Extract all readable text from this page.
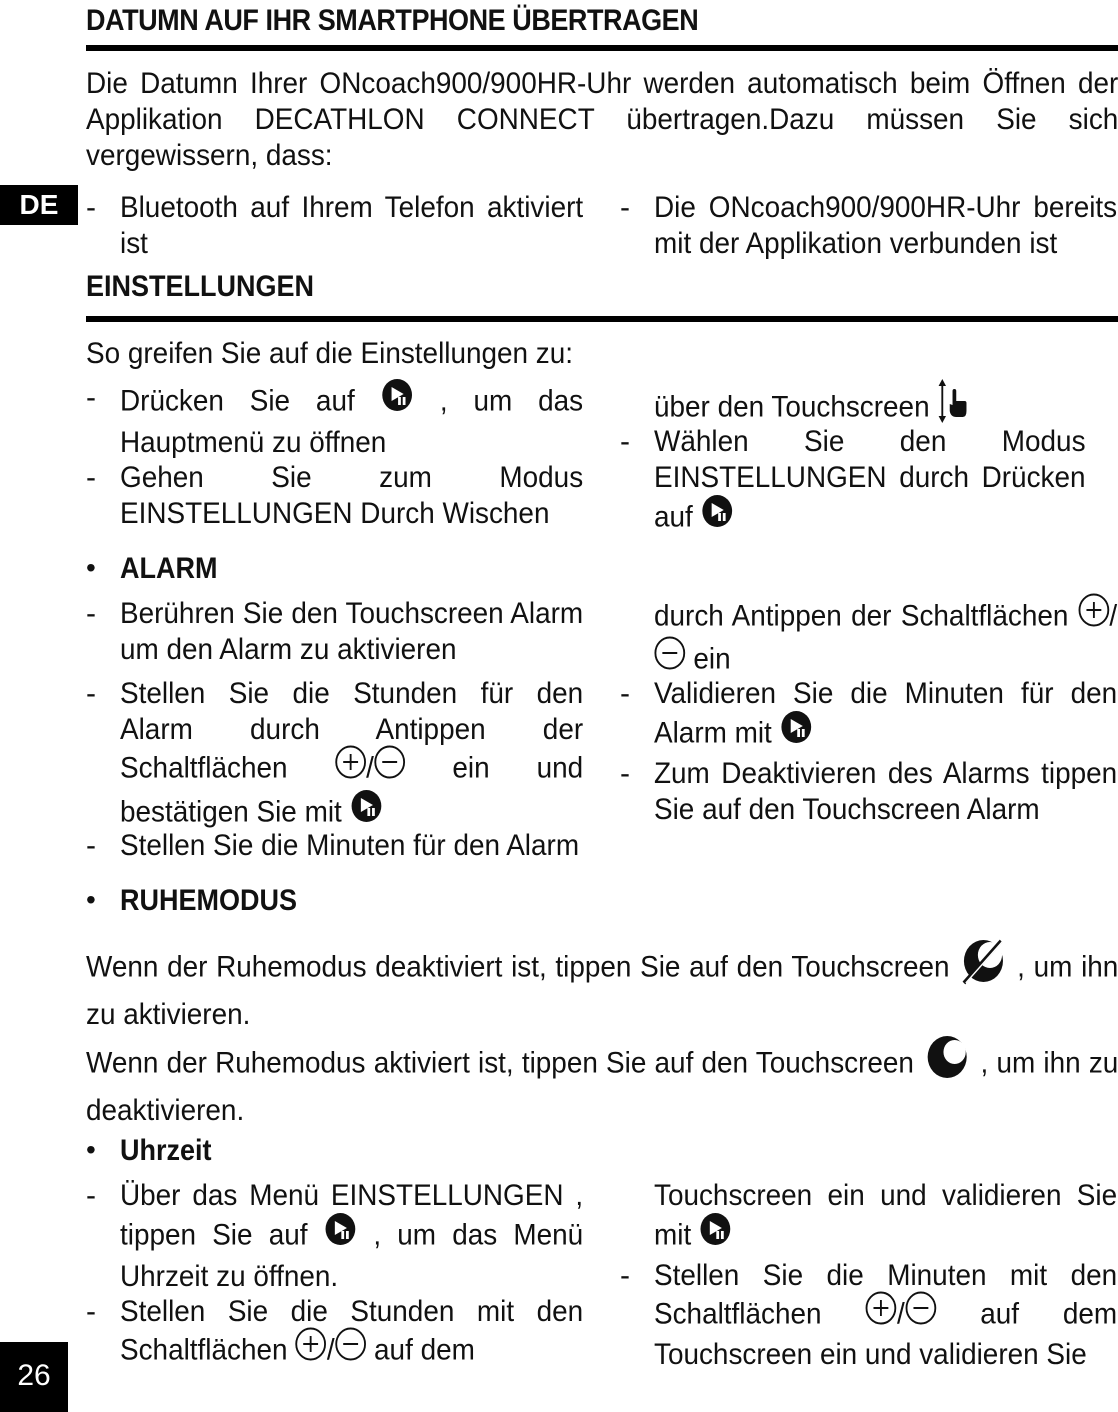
DATUMN AUF IHR SMARTPHONE ÜBERTRAGEN
DE
Die Datumn Ihrer ONcoach900/900HR-Uhr werden automatisch beim Öffnen der Applikation DECATHLON CONNECT übertragen.Dazu müssen Sie sich vergewissern, dass:
- Bluetooth auf Ihrem Telefon aktiviert ist
- Die ONcoach900/900HR-Uhr bereits mit der Applikation verbunden ist
EINSTELLUNGEN
So greifen Sie auf die Einstellungen zu:
- Drücken Sie auf	, um das Hauptmenü zu öffnen
- Gehen Sie zum Modus EINSTELLUNGEN Durch Wischen
über den Touchscreen
- Wählen Sie den Modus EINSTELLUNGEN durch Drücken auf
• ALARM
- Berühren Sie den Touchscreen Alarm um den Alarm zu aktivieren
- Stellen Sie die Stunden für den Alarm durch Antippen der Schaltflächen	/	ein und bestätigen Sie mit
- Stellen Sie die Minuten für den Alarm
durch Antippen der Schaltflächen / ein
- Validieren Sie die Minuten für den Alarm mit
- Zum Deaktivieren des Alarms tippen Sie auf den Touchscreen Alarm
• RUHEMODUS
Wenn der Ruhemodus deaktiviert ist, tippen Sie auf den Touchscreen , um ihn zu aktivieren.
Wenn der Ruhemodus aktiviert ist, tippen Sie auf den Touchscreen , um ihn zu deaktivieren.
• Uhrzeit
- Über das Menü EINSTELLUNGEN , tippen Sie auf , um das Menü Uhrzeit zu öffnen.
- Stellen Sie die Stunden mit den Schaltflächen / auf dem
Touchscreen ein und validieren Sie mit
- Stellen Sie die Minuten mit den Schaltflächen	/	auf dem Touchscreen ein und validieren Sie
26
